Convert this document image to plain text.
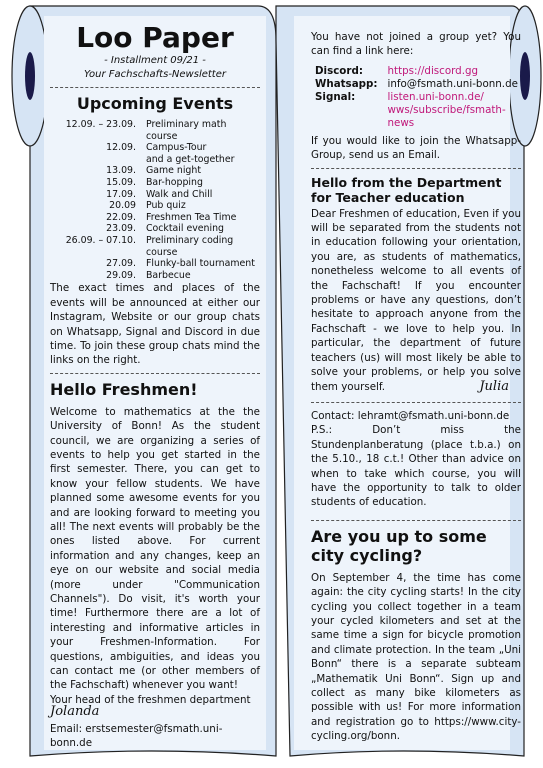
Loo Paper
- Installment 09/21 -
Your Fachschafts-Newsletter
Upcoming Events
12.09. – 23.09.	Preliminary math course
12.09.	Campus-Tour
	and a get-together
13.09.	Game night
15.09.	Bar-hopping
17.09.	Walk and Chill
20.09	Pub quiz
22.09.	Freshmen Tea Time
23.09.	Cocktail evening
26.09. – 07.10.	Preliminary coding course
27.09.	Flunky-ball tournament
29.09.	Barbecue

The exact times and places of the events will be announced at either our Instagram, Website or our group chats on Whatsapp, Signal and Discord in due time. To join these group chats mind the links on the right.

Hello Freshmen!

Welcome to mathematics at the the University of Bonn! As the student council, we are organizing a series of events to help you get started in the first semester. There, you can get to know your fellow students. We have planned some awesome events for you and are looking forward to meeting you all! The next events will probably be the ones listed above. For current information and any changes, keep an eye on our website and social media (more under "Communication Channels"). Do visit, it's worth your time! Furthermore there are a lot of interesting and informative articles in your Freshmen-Information. For questions, ambiguities, and ideas you can contact me (or other members of the Fachschaft) whenever you want!

Your head of the freshmen department
Jolanda
Email: erstsemester@fsmath.uni-bonn.de

You have not joined a group yet? You can find a link here:

Discord:	https://discord.gg
Whatsapp:	info@fsmath.uni-bonn.de
Signal:	listen.uni-bonn.de/ wws/subscribe/fsmath-news

If you would like to join the Whatsapp-Group, send us an Email.

Hello from the Department for Teacher education

Dear Freshmen of education, Even if you will be separated from the students not in education following your orientation, you are, as students of mathematics, nonetheless welcome to all events of the Fachschaft! If you encounter problems or have any questions, don’t hesitate to approach anyone from the Fachschaft - we love to help you. In particular, the department of future teachers (us) will most likely be able to solve your problems, or help you solve them yourself.	Julia

Contact: lehramt@fsmath.uni-bonn.de

P.S.: Don’t miss the Stundenplanberatung (place t.b.a.) on the 5.10., 18 c.t.! Other than advice on when to take which course, you will have the opportunity to talk to older students of education.

Are you up to some city cycling?

On September 4, the time has come again: the city cycling starts! In the city cycling you collect together in a team your cycled kilometers and set at the same time a sign for bicycle promotion and climate protection. In the team „Uni Bonn“ there is a separate subteam „Mathematik Uni Bonn“. Sign up and collect as many bike kilometers as possible with us! For more information and registration go to https://www.city-cycling.org/bonn.
